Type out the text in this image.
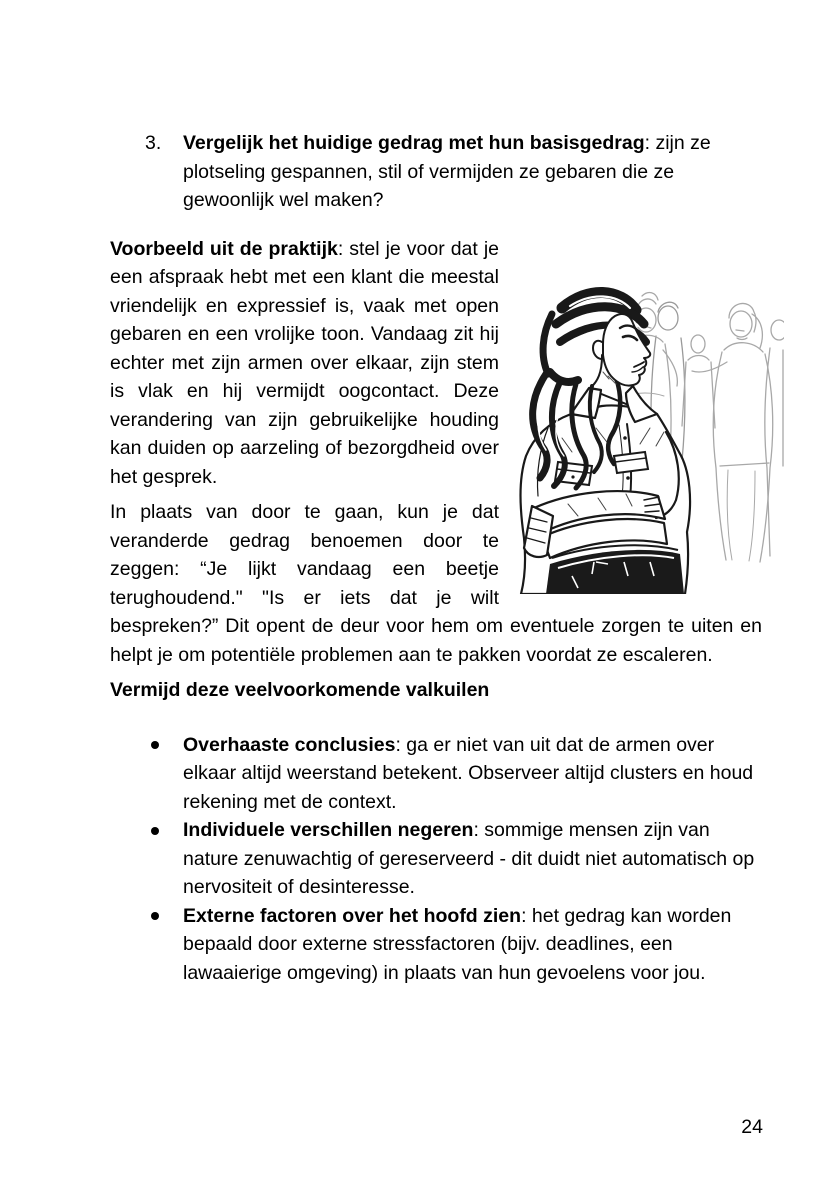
3.	Vergelijk het huidige gedrag met hun basisgedrag: zijn ze plotseling gespannen, stil of vermijden ze gebaren die ze gewoonlijk wel maken?

Voorbeeld uit de praktijk: stel je voor dat je een afspraak hebt met een klant die meestal vriendelijk en expressief is, vaak met open gebaren en een vrolijke toon. Vandaag zit hij echter met zijn armen over elkaar, zijn stem is vlak en hij vermijdt oogcontact. Deze verandering van zijn gebruikelijke houding kan duiden op aarzeling of bezorgdheid over het gesprek.

In plaats van door te gaan, kun je dat veranderde gedrag benoemen door te zeggen: “Je lijkt vandaag een beetje terughoudend." "Is er iets dat je wilt bespreken?” Dit opent de deur voor hem om eventuele zorgen te uiten en helpt je om potentiële problemen aan te pakken voordat ze escaleren.

Vermijd deze veelvoorkomende valkuilen
Overhaaste conclusies: ga er niet van uit dat de armen over elkaar altijd weerstand betekent. Observeer altijd clusters en houd rekening met de context.
Individuele verschillen negeren: sommige mensen zijn van nature zenuwachtig of gereserveerd - dit duidt niet automatisch op nervositeit of desinteresse.
Externe factoren over het hoofd zien: het gedrag kan worden bepaald door externe stressfactoren (bijv. deadlines, een lawaaierige omgeving) in plaats van hun gevoelens voor jou.
24
